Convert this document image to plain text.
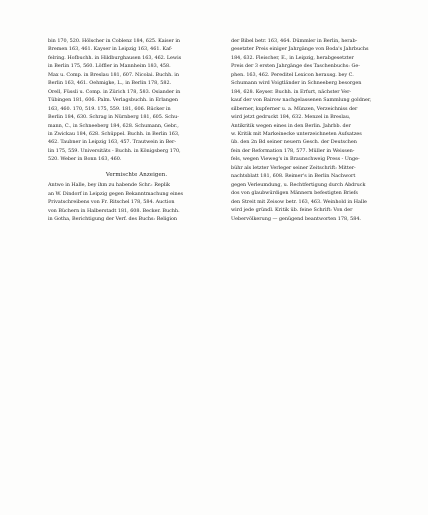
bin 170, 520. Hölscher in Coblenz 184, 625. Kaiser in
Bremen 163, 461. Kayser in Leipzig 163, 461. Kaf-
felring. Hofbuchh. in Hildburghausen 163, 462. Lewis
in Berlin 175, 560. Löffler in Mannheim 183, 458.
Max u. Comp. in Breslau 181, 607. Nicolai. Buchh. in
Berlin 163, 461. Oehmigke, L., in Berlin 178, 582.
Orell, Füssli u. Comp. in Zürich 178, 583. Osiander in
Tübingen 181, 606. Palm. Verlagsbuchh. in Erlangen
163, 460. 170, 519. 175, 559. 181, 606. Rücker in
Berlin 184, 630. Schrag in Nürnberg 181, 605. Schu-
mann, C., in Schneeberg 184, 628. Schumann, Gebr.,
in Zwickau 184, 628. Schüppel. Buchh. in Berlin 163,
462. Taubner in Leipzig 163, 457. Trautwein in Ber-
lin 175, 559. Universitäts - Buchh. in Königsberg 170,
520. Weber in Bonn 163, 460.
Vermischte Anzeigen.
Antwo in Halle, bey ihm zu habende Schr.: Replik
an W. Dindorf in Leipzig gegen Bekanntmachung eines
Privatschreibens von Fr. Ritschel 178, 584. Auction
von Büchern in Halberstadt 181, 608. Becker. Buchh.
in Gotha, Berichtigung der Verf. des Buchs: Religion
der Bibel betr. 163, 464. Dümmler in Berlin, herab-
gesetzter Preis einiger Jahrgänge von Boda's Jahrbuchs
184, 632. Fleischer, E., in Leipzig, herabgesetzter
Preis der 3 ersten Jahrgänge des Taschenbuchs: Ge-
phen. 163, 462. Pereditel Lexicon herausg. bey C.
Schumann wird Voigtländer in Schneeberg besorgen
184, 628. Keyser. Buchh. in Erfurt, nächster Ver-
kauf der von Bairow nachgelassenen Sammlung goldner,
silberner, kupferner u. a. Münzen, Verzeichniss der
wird jetzt gedruckt 184, 632. Menzel in Breslau,
Antikritik wegen eines in den Berlin. Jahrbb. der
w. Kritik mit Markeinecke unterzeichneten Aufsatzes
üb. den 2n Bd seiner neuern Gesch. der Deutschen
fein der Reformation 178, 577. Müller in Weissen-
fels, wegen Vieweg's in Braunschweig Press - Unge-
bühr als letzter Verleger seiner Zeitschrift: Mitter-
nachtsblatt 181, 608. Reimer's in Berlin Nachwort
gegen Verleumdung, u. Rechtfertigung durch Abdruck
dos von glaubwürdigen Männern befestigten Briefs
den Streit mit Zeisow betr. 163, 463. Weinhold in Halle
wird jede gründl. Kritik üb. feine Schrift: Von der
Uebervölkerung — genügend beantworten 178, 584.
